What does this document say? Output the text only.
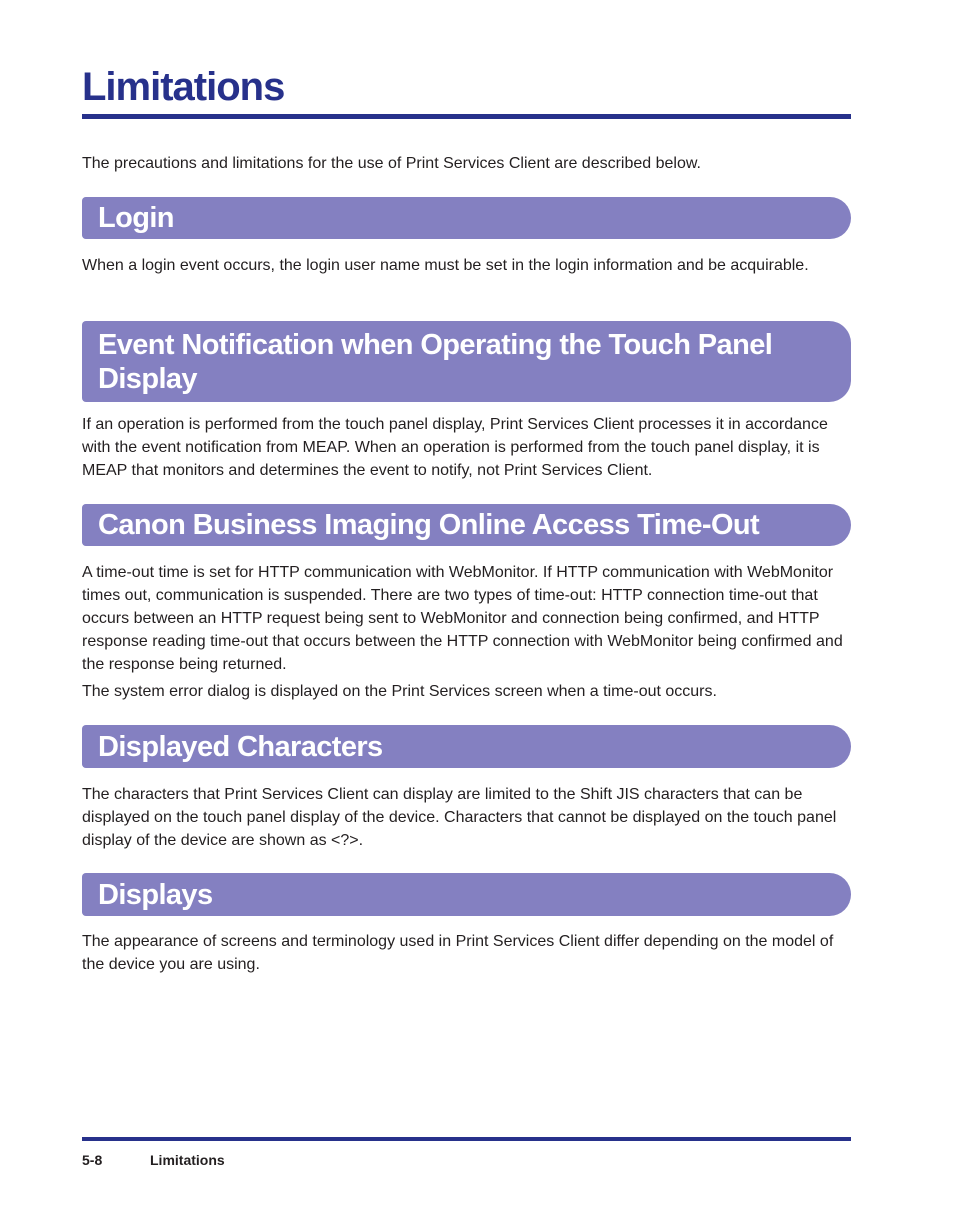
Limitations

The precautions and limitations for the use of Print Services Client are described below.

Login

When a login event occurs, the login user name must be set in the login information and be acquirable.

Event Notification when Operating the Touch Panel Display

If an operation is performed from the touch panel display, Print Services Client processes it in accordance with the event notification from MEAP. When an operation is performed from the touch panel display, it is MEAP that monitors and determines the event to notify, not Print Services Client.

Canon Business Imaging Online Access Time-Out

A time-out time is set for HTTP communication with WebMonitor. If HTTP communication with WebMonitor times out, communication is suspended. There are two types of time-out: HTTP connection time-out that occurs between an HTTP request being sent to WebMonitor and connection being confirmed, and HTTP response reading time-out that occurs between the HTTP connection with WebMonitor being confirmed and the response being returned.

The system error dialog is displayed on the Print Services screen when a time-out occurs.

Displayed Characters

The characters that Print Services Client can display are limited to the Shift JIS characters that can be displayed on the touch panel display of the device. Characters that cannot be displayed on the touch panel display of the device are shown as <?>.

Displays

The appearance of screens and terminology used in Print Services Client differ depending on the model of the device you are using.

5-8	Limitations
